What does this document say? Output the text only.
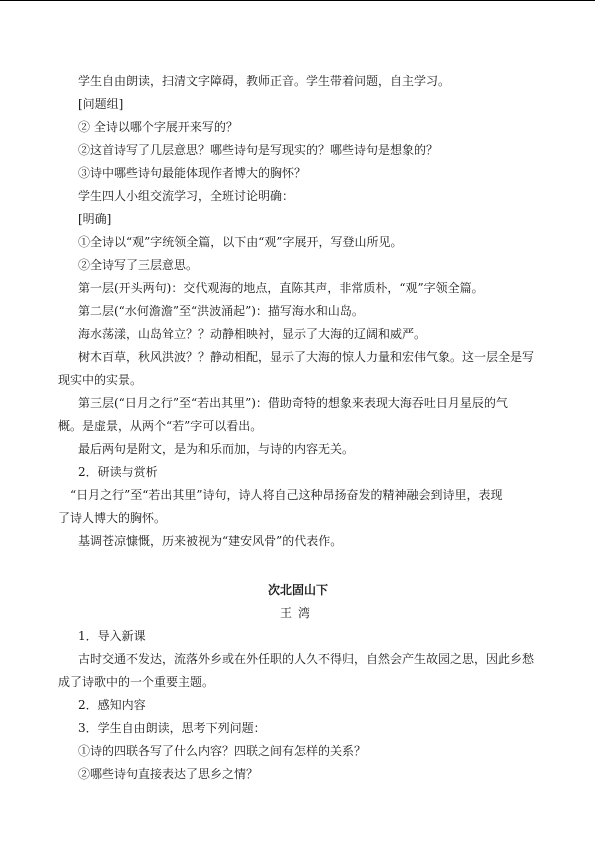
学生自由朗读，扫清文字障碍，教师正音。学生带着问题，自主学习。

[问题组]

② 全诗以哪个字展开来写的？

②这首诗写了几层意思？哪些诗句是写现实的？哪些诗句是想象的？

③诗中哪些诗句最能体现作者博大的胸怀？

学生四人小组交流学习，全班讨论明确：

[明确]

①全诗以“观”字统领全篇，以下由“观”字展开，写登山所见。

②全诗写了三层意思。

第一层(开头两句)：交代观海的地点，直陈其声，非常质朴，“观”字领全篇。

第二层(“水何澹澹”至“洪波涌起”)：描写海水和山岛。

海水荡漾，山岛耸立？？动静相映衬，显示了大海的辽阔和威严。

树木百草，秋风洪波？？静动相配，显示了大海的惊人力量和宏伟气象。这一层全是写

现实中的实景。

第三层(“日月之行”至“若出其里”)：借助奇特的想象来表现大海吞吐日月星辰的气

概。是虚景，从两个“若”字可以看出。

最后两句是附文，是为和乐而加，与诗的内容无关。

2．研读与赏析

“日月之行”至“若出其里”诗句，诗人将自己这种昂扬奋发的精神融会到诗里，表现

了诗人博大的胸怀。

基调苍凉慷慨，历来被视为“建安风骨”的代表作。

次北固山下

王湾

1．导入新课

古时交通不发达，流落外乡或在外任职的人久不得归，自然会产生故园之思，因此乡愁

成了诗歌中的一个重要主题。

2．感知内容

3．学生自由朗读，思考下列问题：

①诗的四联各写了什么内容？四联之间有怎样的关系？

②哪些诗句直接表达了思乡之情？
